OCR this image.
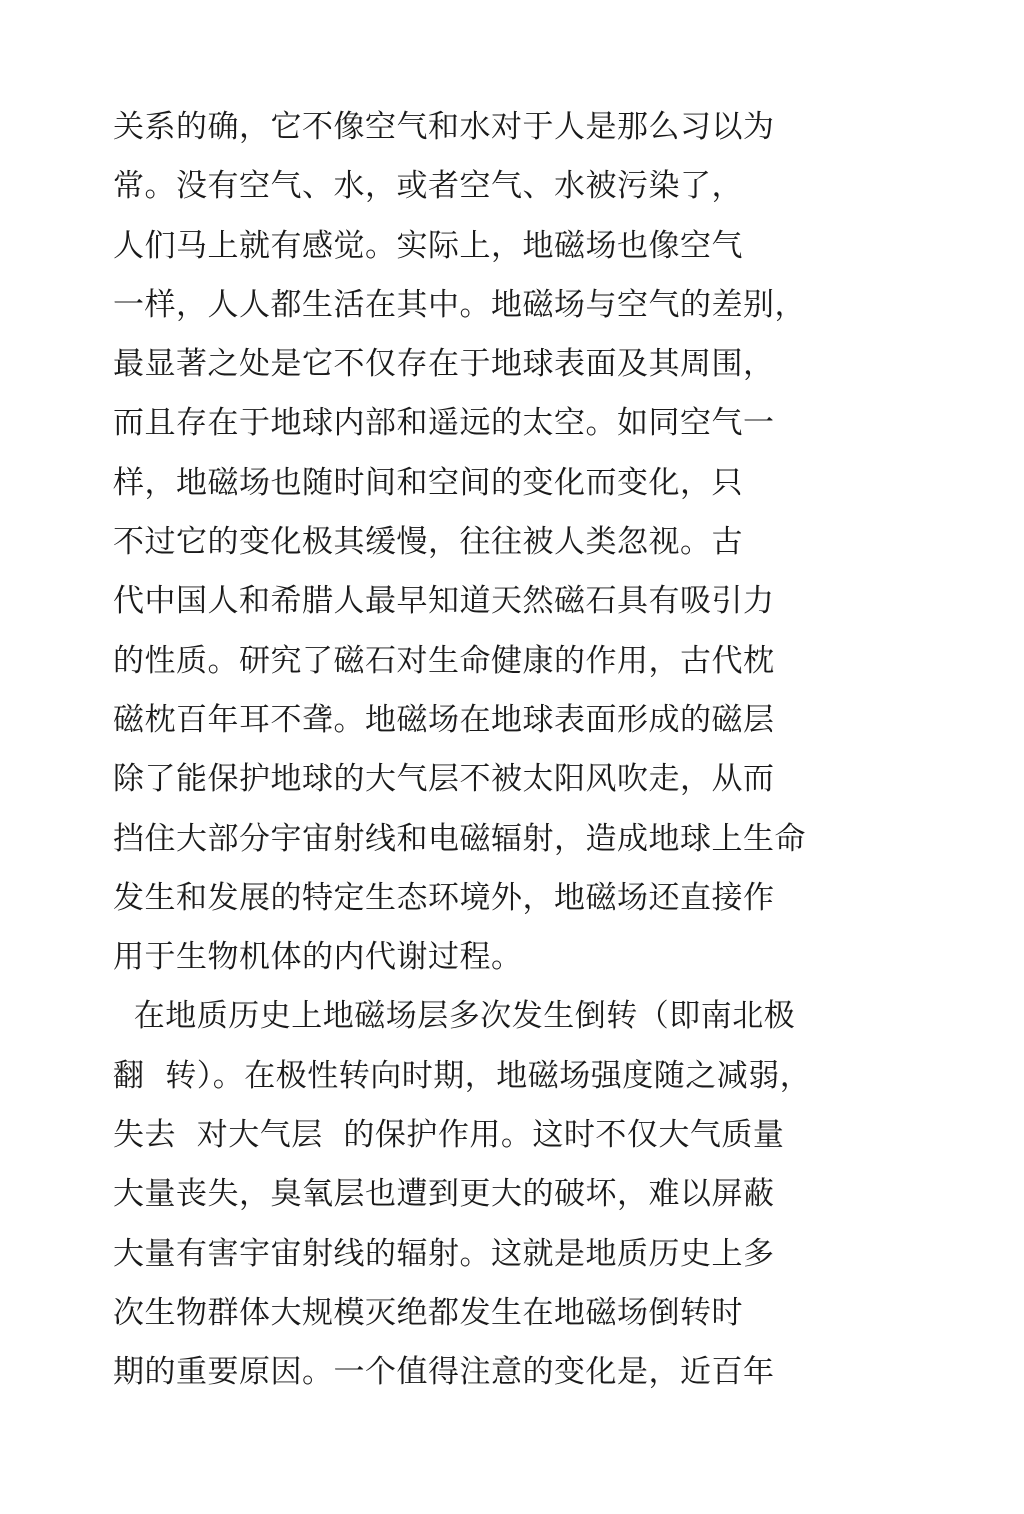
关系的确，它不像空气和水对于人是那么习以为
常。没有空气、水，或者空气、水被污染了，
人们马上就有感觉。实际上，地磁场也像空气
一样，人人都生活在其中。地磁场与空气的差别，
最显著之处是它不仅存在于地球表面及其周围，
而且存在于地球内部和遥远的太空。如同空气一
样，地磁场也随时间和空间的变化而变化，只
不过它的变化极其缓慢，往往被人类忽视。古
代中国人和希腊人最早知道天然磁石具有吸引力
的性质。研究了磁石对生命健康的作用，古代枕
磁枕百年耳不聋。地磁场在地球表面形成的磁层
除了能保护地球的大气层不被太阳风吹走，从而
挡住大部分宇宙射线和电磁辐射，造成地球上生命
发生和发展的特定生态环境外，地磁场还直接作
用于生物机体的内代谢过程。
在地质历史上地磁场层多次发生倒转（即南北极
翻  转）。在极性转向时期，地磁场强度随之减弱，
失去  对大气层  的保护作用。这时不仅大气质量
大量丧失，臭氧层也遭到更大的破坏，难以屏蔽
大量有害宇宙射线的辐射。这就是地质历史上多
次生物群体大规模灭绝都发生在地磁场倒转时
期的重要原因。一个值得注意的变化是，近百年
